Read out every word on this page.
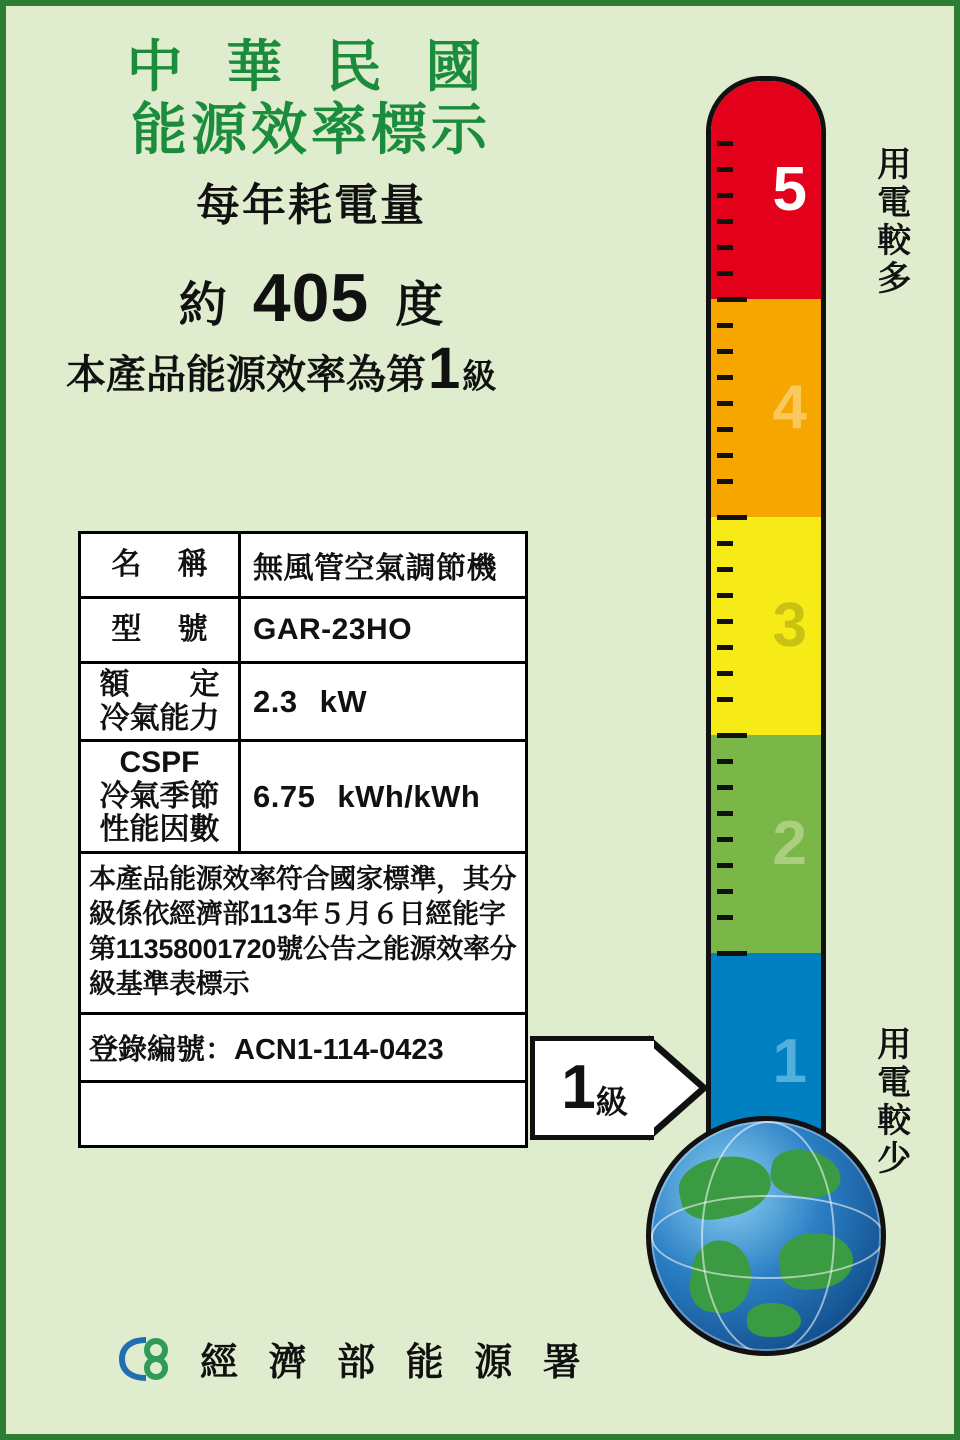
中 華 民 國
能源效率標示
每年耗電量
約 405 度
本產品能源效率為第 1 級
名 稱	無風管空氣調節機
型 號	GAR-23HO
額　　定
冷氣能力 2.3 kW
CSPF
冷氣季節
性能因數
6.75 kWh/kWh
本產品能源效率符合國家標準，其分級係依經濟部113年５月６日經能字第11358001720號公告之能源效率分級基準表標示
登錄編號：ACN1-114-0423
經 濟 部 能 源 署
5
4
3
2
1
用電較多
用電較少
1 級
